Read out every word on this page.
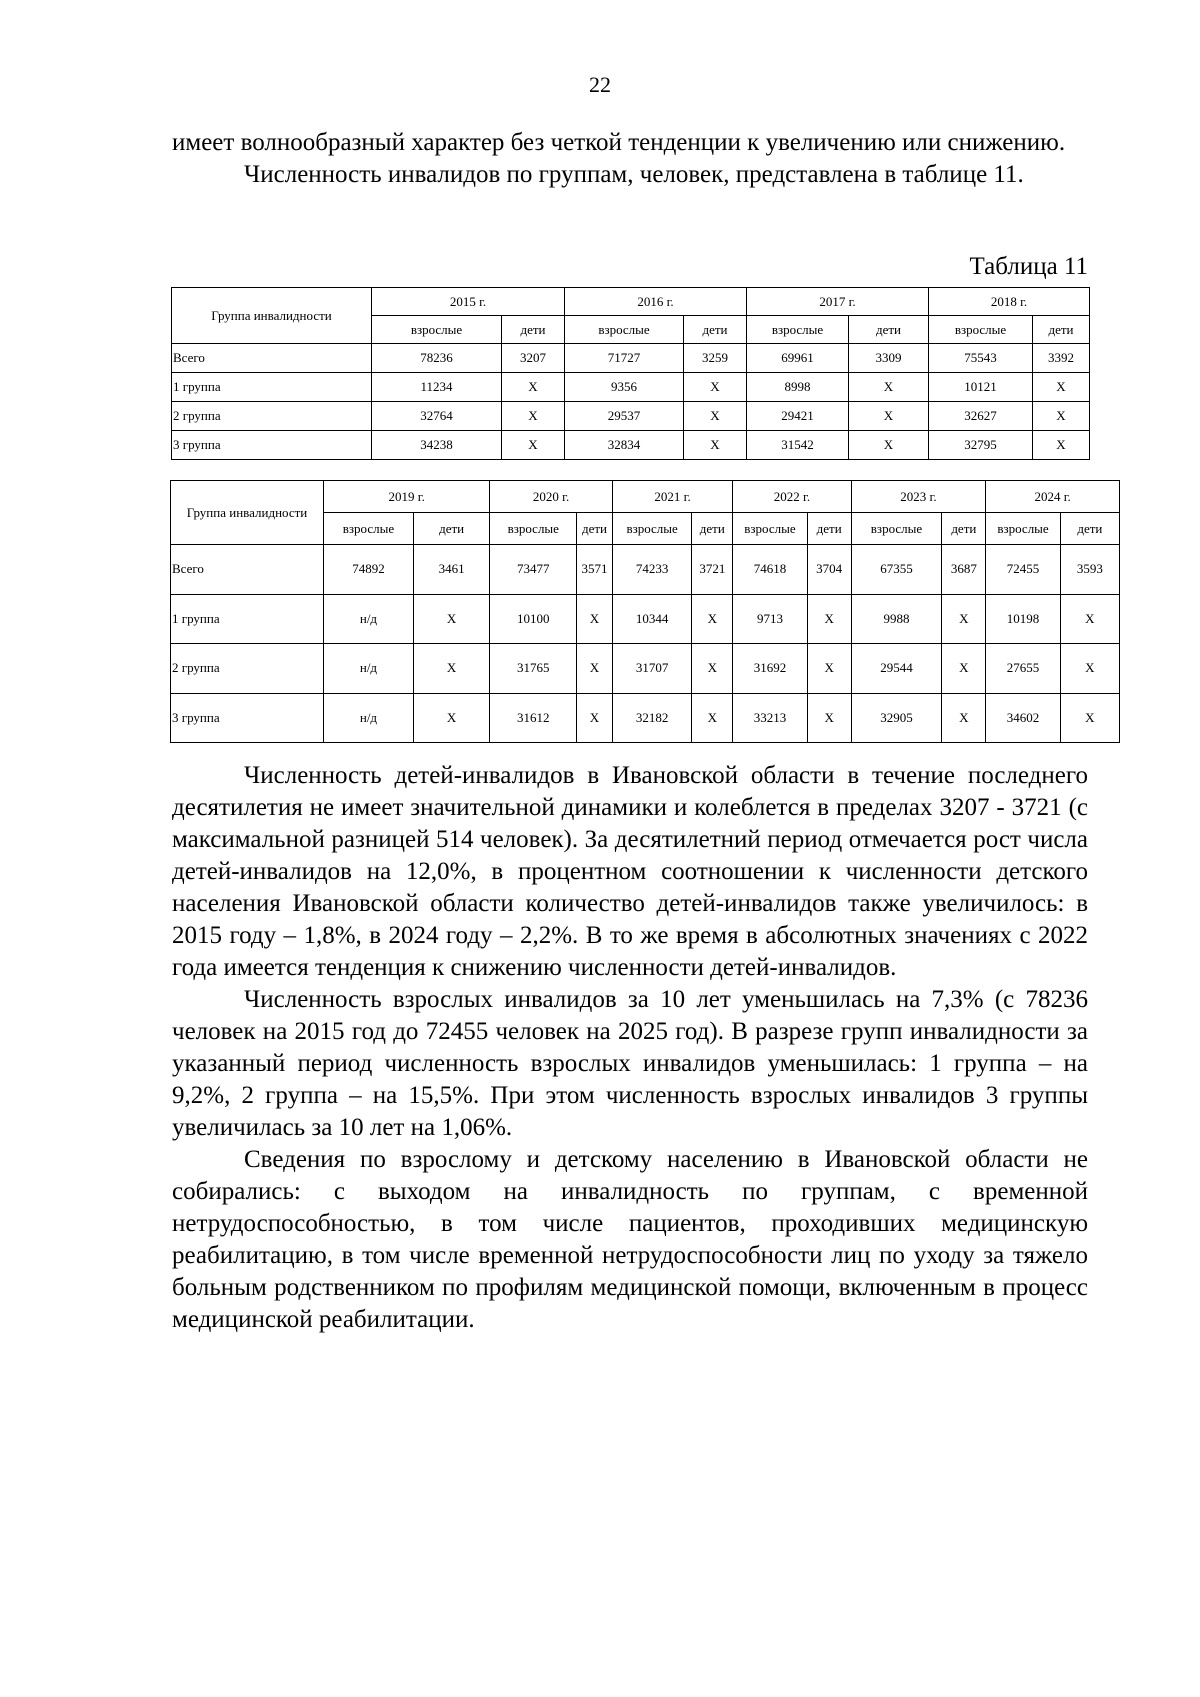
22

имеет волнообразный характер без четкой тенденции к увеличению или снижению.

Численность инвалидов по группам, человек, представлена в таблице 11.

Таблица 11
Группа инвалидности	2015 г.		2016 г.		2017 г.		2018 г.	
	взрослые	дети	взрослые	дети	взрослые	дети	взрослые	дети
Всего	78236	3207	71727	3259	69961	3309	75543	3392
1 группа	11234	Х	9356	Х	8998	Х	10121	Х
2 группа	32764	Х	29537	Х	29421	Х	32627	Х
3 группа	34238	Х	32834	Х	31542	Х	32795	Х
Группа инвалидности	2019 г.		2020 г.		2021 г.		2022 г.		2023 г.		2024 г.	
	взрослые	дети	взрослые	дети	взрослые	дети	взрослые	дети	взрослые	дети	взрослые	дети
Всего	74892	3461	73477	3571	74233	3721	74618	3704	67355	3687	72455	3593
1 группа	н/д	Х	10100	Х	10344	Х	9713	Х	9988	Х	10198	Х
2 группа	н/д	Х	31765	Х	31707	Х	31692	Х	29544	Х	27655	Х
3 группа	н/д	Х	31612	Х	32182	Х	33213	Х	32905	Х	34602	Х

Численность детей-инвалидов в Ивановской области в течение последнего десятилетия не имеет значительной динамики и колеблется в пределах 3207 - 3721 (с максимальной разницей 514 человек). За десятилетний период отмечается рост числа детей-инвалидов на 12,0%, в процентном соотношении к численности детского населения Ивановской области количество детей-инвалидов также увеличилось: в 2015 году – 1,8%, в 2024 году – 2,2%. В то же время в абсолютных значениях с 2022 года имеется тенденция к снижению численности детей-инвалидов.

Численность взрослых инвалидов за 10 лет уменьшилась на 7,3% (с 78236 человек на 2015 год до 72455 человек на 2025 год). В разрезе групп инвалидности за указанный период численность взрослых инвалидов уменьшилась: 1 группа – на 9,2%, 2 группа – на 15,5%. При этом численность взрослых инвалидов 3 группы увеличилась за 10 лет на 1,06%.

Сведения по взрослому и детскому населению в Ивановской области не собирались: с выходом на инвалидность по группам, с временной нетрудоспособностью, в том числе пациентов, проходивших медицинскую реабилитацию, в том числе временной нетрудоспособности лиц по уходу за тяжело больным родственником по профилям медицинской помощи, включенным в процесс медицинской реабилитации.
